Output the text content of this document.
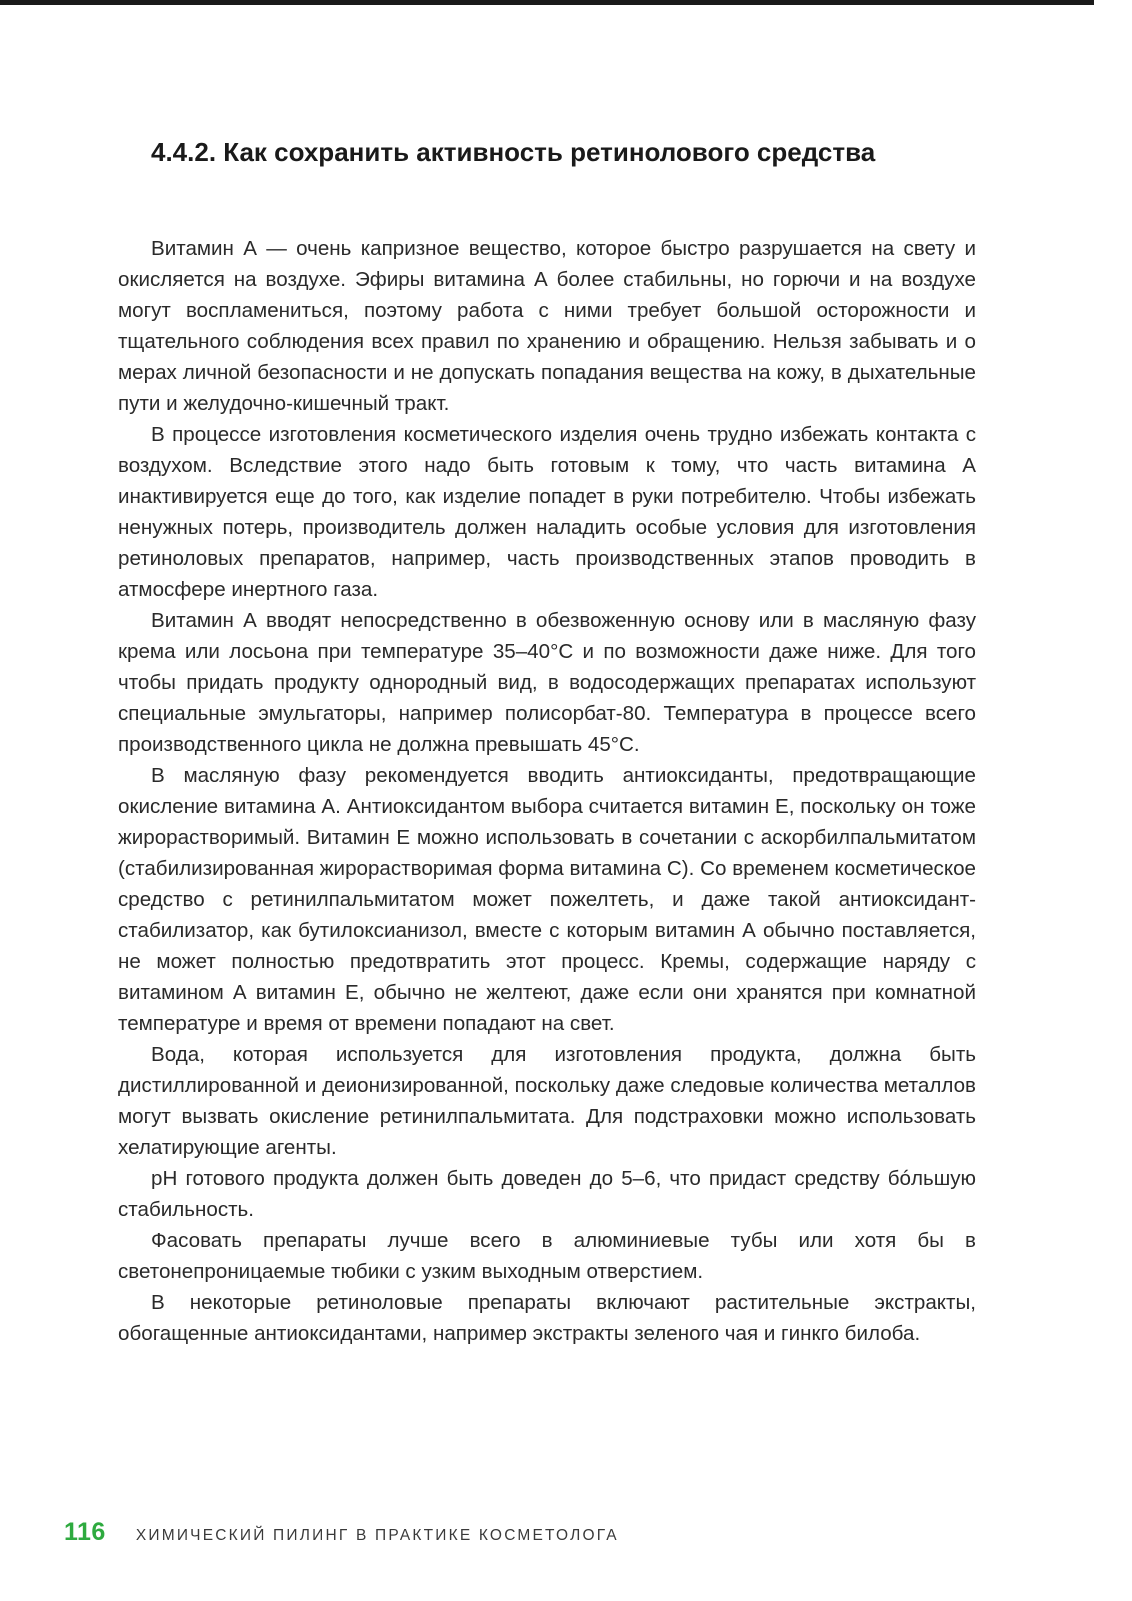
4.4.2. Как сохранить активность ретинолового средства

Витамин А — очень капризное вещество, которое быстро разрушается на свету и окисляется на воздухе. Эфиры витамина А более стабильны, но горючи и на воздухе могут воспламениться, поэтому работа с ними требует большой осторожности и тщательного соблюдения всех правил по хранению и обращению. Нельзя забывать и о мерах личной безопасности и не допускать попадания вещества на кожу, в дыхательные пути и желудочно-кишечный тракт.

В процессе изготовления косметического изделия очень трудно избежать контакта с воздухом. Вследствие этого надо быть готовым к тому, что часть витамина А инактивируется еще до того, как изделие попадет в руки потребителю. Чтобы избежать ненужных потерь, производитель должен наладить особые условия для изготовления ретиноловых препаратов, например, часть производственных этапов проводить в атмосфере инертного газа.

Витамин А вводят непосредственно в обезвоженную основу или в масляную фазу крема или лосьона при температуре 35–40°С и по возможности даже ниже. Для того чтобы придать продукту однородный вид, в водосодержащих препаратах используют специальные эмульгаторы, например полисорбат-80. Температура в процессе всего производственного цикла не должна превышать 45°С.

В масляную фазу рекомендуется вводить антиоксиданты, предотвращающие окисление витамина А. Антиоксидантом выбора считается витамин Е, поскольку он тоже жирорастворимый. Витамин Е можно использовать в сочетании с аскорбилпальмитатом (стабилизированная жирорастворимая форма витамина С). Со временем косметическое средство с ретинилпальмитатом может пожелтеть, и даже такой антиоксидант-стабилизатор, как бутилоксианизол, вместе с которым витамин А обычно поставляется, не может полностью предотвратить этот процесс. Кремы, содержащие наряду с витамином А витамин Е, обычно не желтеют, даже если они хранятся при комнатной температуре и время от времени попадают на свет.

Вода, которая используется для изготовления продукта, должна быть дистиллированной и деионизированной, поскольку даже следовые количества металлов могут вызвать окисление ретинилпальмитата. Для подстраховки можно использовать хелатирующие агенты.

pH готового продукта должен быть доведен до 5–6, что придаст средству бóльшую стабильность.

Фасовать препараты лучше всего в алюминиевые тубы или хотя бы в светонепроницаемые тюбики с узким выходным отверстием.

В некоторые ретиноловые препараты включают растительные экстракты, обогащенные антиоксидантами, например экстракты зеленого чая и гинкго билоба.

116 ХИМИЧЕСКИЙ ПИЛИНГ В ПРАКТИКЕ КОСМЕТОЛОГА
